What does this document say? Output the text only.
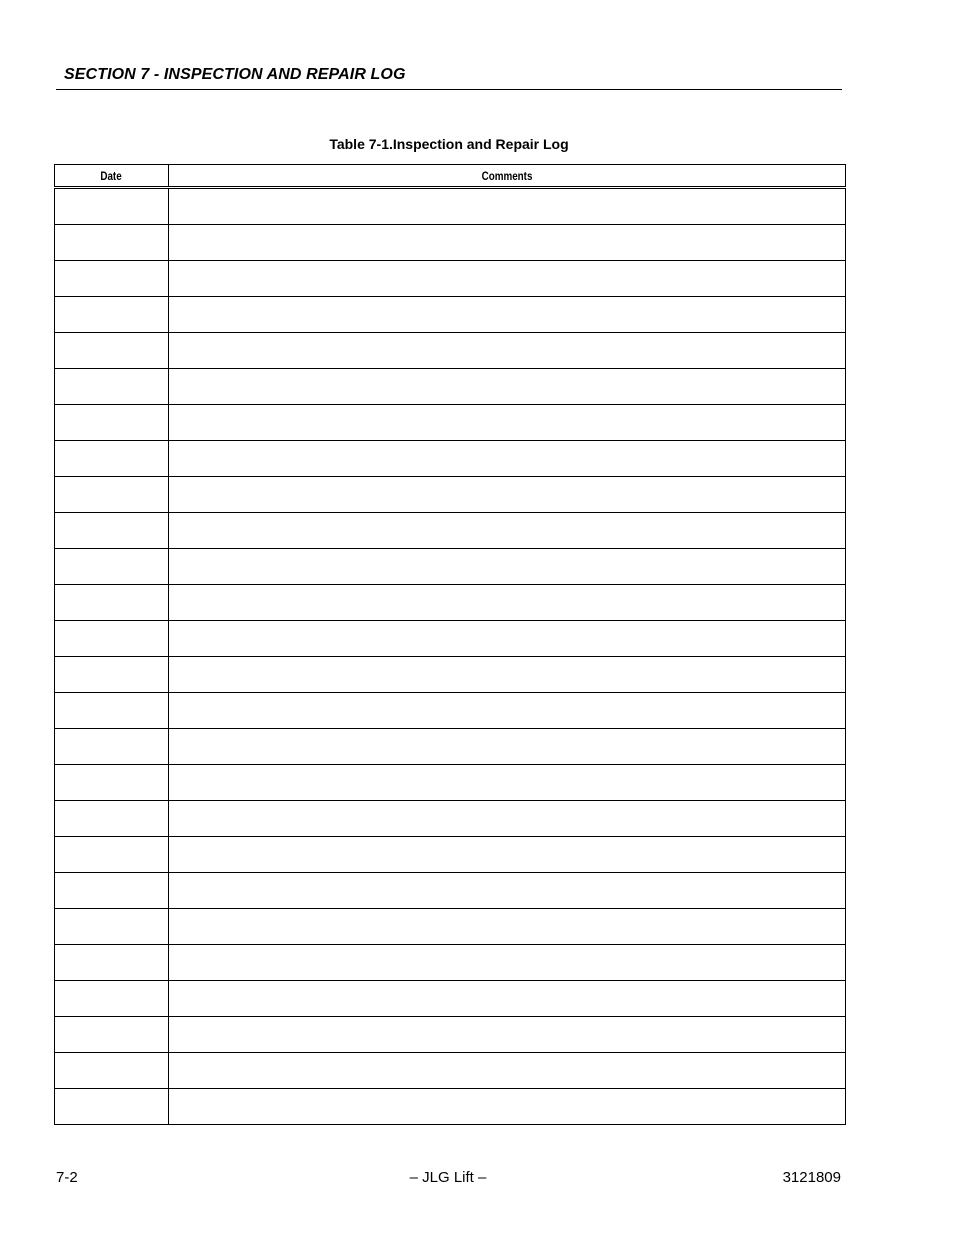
SECTION 7 - INSPECTION AND REPAIR LOG
Table 7-1.Inspection and Repair Log
Date	Comments

7-2	– JLG Lift –	3121809
